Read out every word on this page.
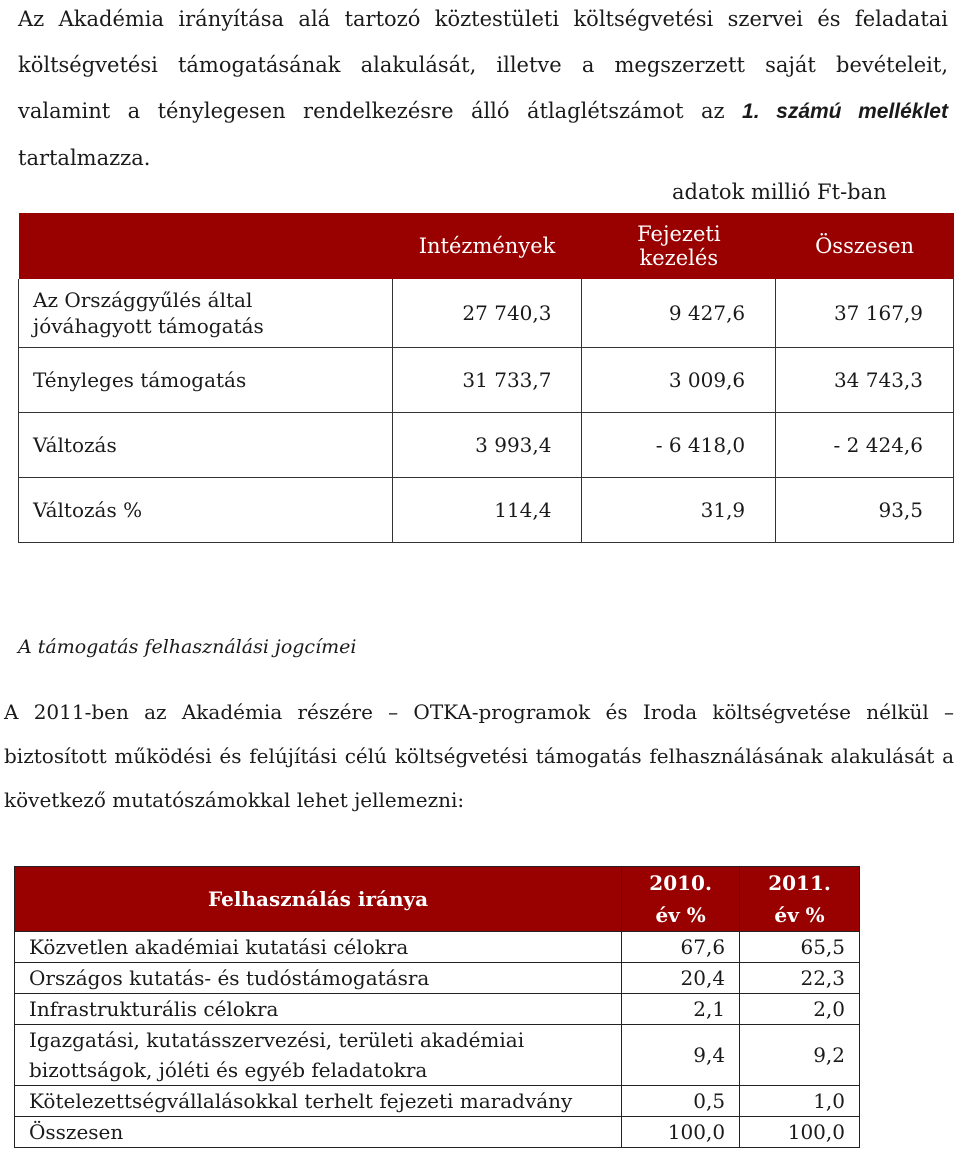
Az Akadémia irányítása alá tartozó köztestületi költségvetési szervei és feladatai költségvetési támogatásának alakulását, illetve a megszerzett saját bevételeit, valamint a ténylegesen rendelkezésre álló átlaglétszámot az 1. számú melléklet tartalmazza.
adatok millió Ft-ban
	Intézmények	Fejezeti kezelés	Összesen
Az Országgyűlés által jóváhagyott támogatás	27 740,3	9 427,6	37 167,9
Tényleges támogatás	31 733,7	3 009,6	34 743,3
Változás	3 993,4	- 6 418,0	- 2 424,6
Változás %	114,4	31,9	93,5
A támogatás felhasználási jogcímei
A 2011-ben az Akadémia részére – OTKA-programok és Iroda költségvetése nélkül – biztosított működési és felújítási célú költségvetési támogatás felhasználásának alakulását a következő mutatószámokkal lehet jellemezni:
Felhasználás iránya	2010. év %	2011. év %
Közvetlen akadémiai kutatási célokra	67,6	65,5
Országos kutatás- és tudóstámogatásra	20,4	22,3
Infrastrukturális célokra	2,1	2,0
Igazgatási, kutatásszervezési, területi akadémiai bizottságok, jóléti és egyéb feladatokra	9,4	9,2
Kötelezettségvállalásokkal terhelt fejezeti maradvány	0,5	1,0
Összesen	100,0	100,0
